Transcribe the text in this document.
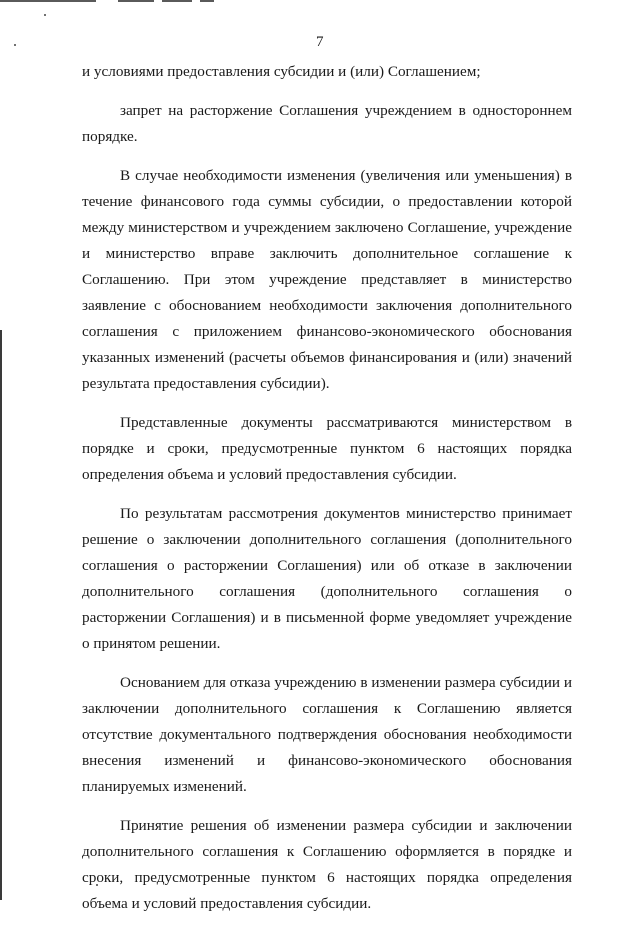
7

и условиями предоставления субсидии и (или) Соглашением;

запрет на расторжение Соглашения учреждением в одностороннем порядке.

В случае необходимости изменения (увеличения или уменьшения) в течение финансового года суммы субсидии, о предоставлении которой между министерством и учреждением заключено Соглашение, учреждение и министерство вправе заключить дополнительное соглашение к Соглашению. При этом учреждение представляет в министерство заявление с обоснованием необходимости заключения дополнительного соглашения с приложением финансово-экономического обоснования указанных изменений (расчеты объемов финансирования и (или) значений результата предоставления субсидии).

Представленные документы рассматриваются министерством в порядке и сроки, предусмотренные пунктом 6 настоящих порядка определения объема и условий предоставления субсидии.

По результатам рассмотрения документов министерство принимает решение о заключении дополнительного соглашения (дополнительного соглашения о расторжении Соглашения) или об отказе в заключении дополнительного соглашения (дополнительного соглашения о расторжении Соглашения) и в письменной форме уведомляет учреждение о принятом решении.

Основанием для отказа учреждению в изменении размера субсидии и заключении дополнительного соглашения к Соглашению является отсутствие документального подтверждения обоснования необходимости внесения изменений и финансово-экономического обоснования планируемых изменений.

Принятие решения об изменении размера субсидии и заключении дополнительного соглашения к Соглашению оформляется в порядке и сроки, предусмотренные пунктом 6 настоящих порядка определения объема и условий предоставления субсидии.
